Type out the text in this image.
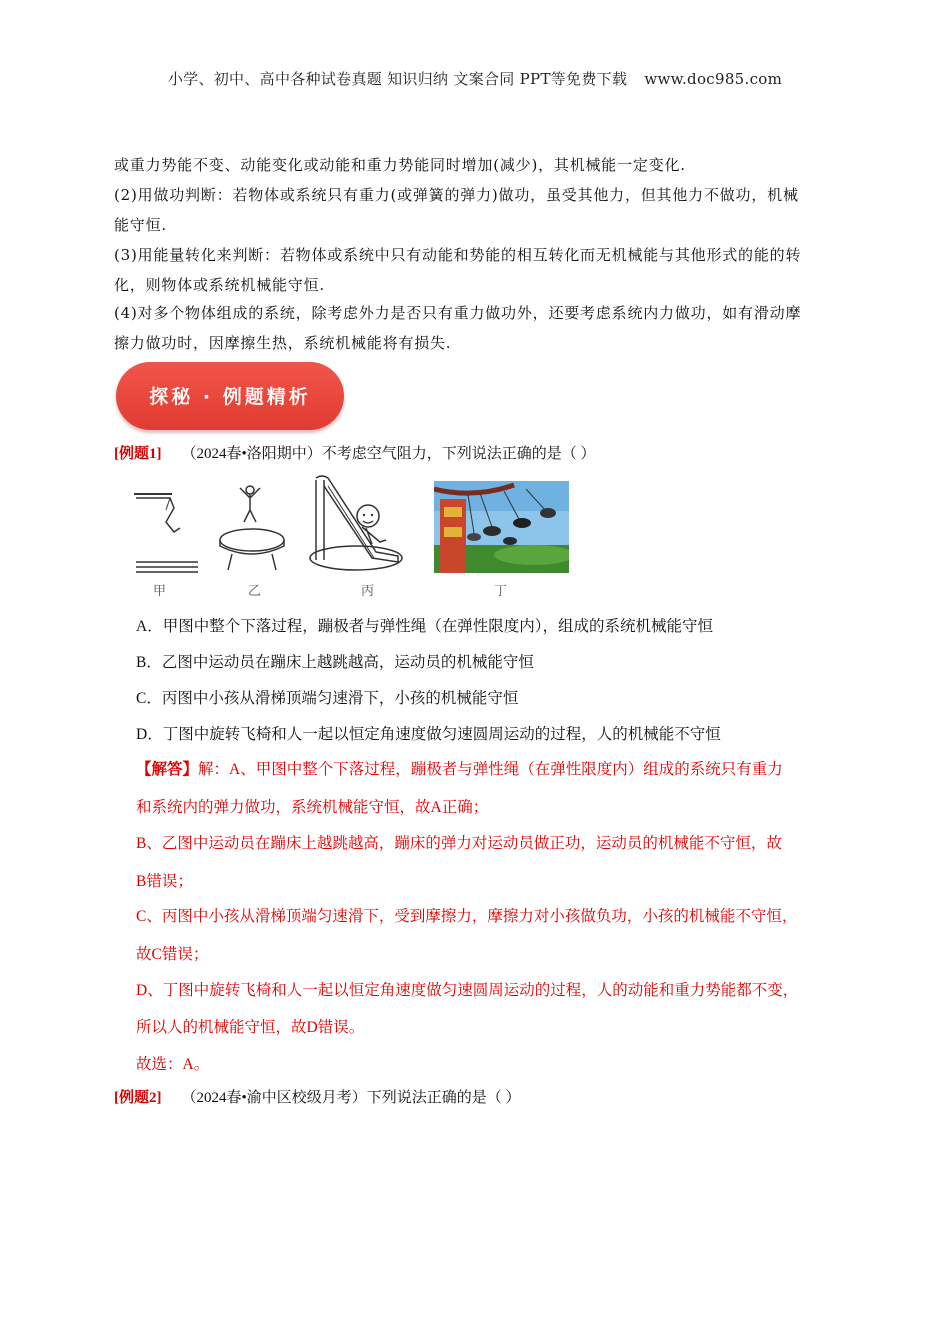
小学、初中、高中各种试卷真题 知识归纳 文案合同 PPT等免费下载 www.doc985.com
或重力势能不变、动能变化或动能和重力势能同时增加(减少)，其机械能一定变化.
(2)用做功判断：若物体或系统只有重力(或弹簧的弹力)做功，虽受其他力，但其他力不做功，机械
能守恒.
(3)用能量转化来判断：若物体或系统中只有动能和势能的相互转化而无机械能与其他形式的能的转
化，则物体或系统机械能守恒.
(4)对多个物体组成的系统，除考虑外力是否只有重力做功外，还要考虑系统内力做功，如有滑动摩
擦力做功时，因摩擦生热，系统机械能将有损失.
探秘 · 例题精析
[例题1] （2024春•洛阳期中）不考虑空气阻力，下列说法正确的是（ ）
甲	乙	丙	丁
A．甲图中整个下落过程，蹦极者与弹性绳（在弹性限度内），组成的系统机械能守恒
B．乙图中运动员在蹦床上越跳越高，运动员的机械能守恒
C．丙图中小孩从滑梯顶端匀速滑下，小孩的机械能守恒
D．丁图中旋转飞椅和人一起以恒定角速度做匀速圆周运动的过程，人的机械能不守恒
【解答】解：A、甲图中整个下落过程，蹦极者与弹性绳（在弹性限度内）组成的系统只有重力
和系统内的弹力做功，系统机械能守恒，故A正确；
B、乙图中运动员在蹦床上越跳越高，蹦床的弹力对运动员做正功，运动员的机械能不守恒，故
B错误；
C、丙图中小孩从滑梯顶端匀速滑下，受到摩擦力，摩擦力对小孩做负功，小孩的机械能不守恒，
故C错误；
D、丁图中旋转飞椅和人一起以恒定角速度做匀速圆周运动的过程，人的动能和重力势能都不变，
所以人的机械能守恒，故D错误。
故选：A。
[例题2] （2024春•渝中区校级月考）下列说法正确的是（ ）
